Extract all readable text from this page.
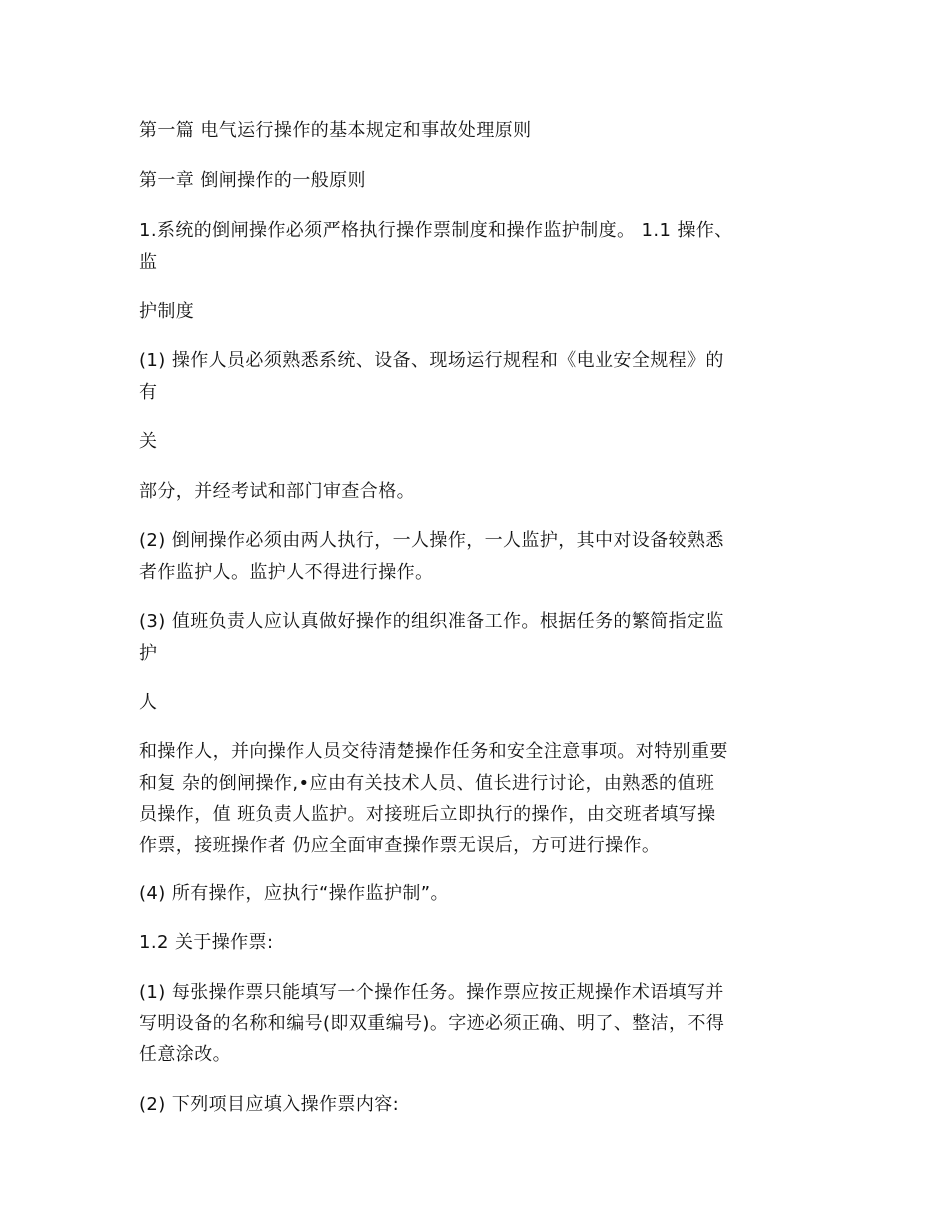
第一篇 电气运行操作的基本规定和事故处理原则
第一章 倒闸操作的一般原则
1.系统的倒闸操作必须严格执行操作票制度和操作监护制度。 1.1 操作、
监
护制度
(1) 操作人员必须熟悉系统、设备、现场运行规程和《电业安全规程》的
有
关
部分，并经考试和部门审查合格。
(2) 倒闸操作必须由两人执行，一人操作，一人监护，其中对设备较熟悉
者作监护人。监护人不得进行操作。
(3) 值班负责人应认真做好操作的组织准备工作。根据任务的繁简指定监
护
人
和操作人，并向操作人员交待清楚操作任务和安全注意事项。对特别重要
和复 杂的倒闸操作,•应由有关技术人员、值长进行讨论，由熟悉的值班
员操作，值 班负责人监护。对接班后立即执行的操作，由交班者填写操
作票，接班操作者 仍应全面审查操作票无误后，方可进行操作。
(4) 所有操作，应执行“操作监护制”。
1.2 关于操作票:
(1) 每张操作票只能填写一个操作任务。操作票应按正规操作术语填写并
写明设备的名称和编号(即双重编号)。字迹必须正确、明了、整洁，不得
任意涂改。
(2) 下列项目应填入操作票内容:
